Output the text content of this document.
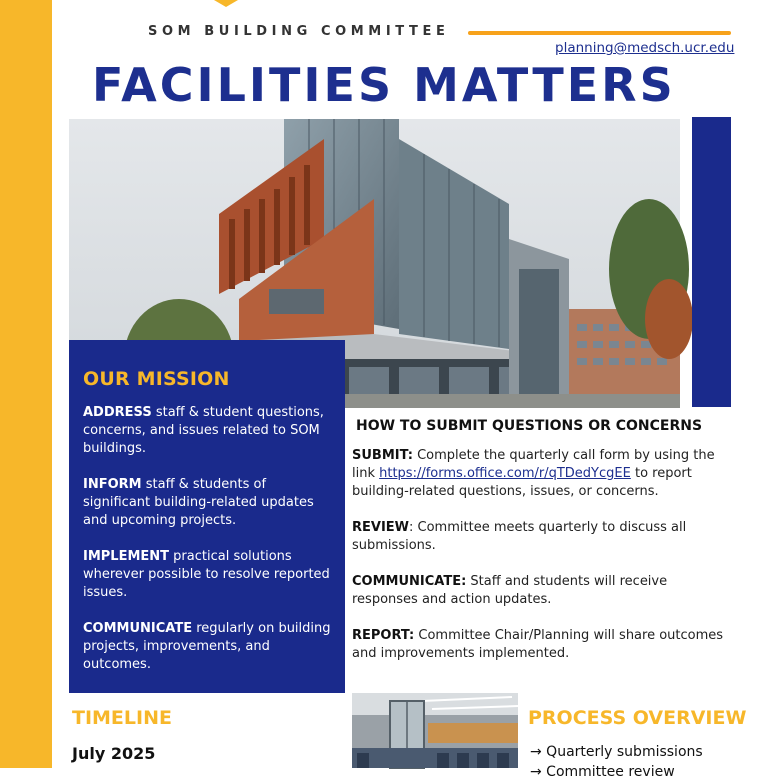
SOM BUILDING COMMITTEE
planning@medsch.ucr.edu
FACILITIES MATTERS
OUR MISSION

ADDRESS staff & student questions, concerns, and issues related to SOM buildings.

INFORM staff & students of significant building-related updates and upcoming projects.

IMPLEMENT practical solutions wherever possible to resolve reported issues.

COMMUNICATE regularly on building projects, improvements, and outcomes.

HOW TO SUBMIT QUESTIONS OR CONCERNS

SUBMIT: Complete the quarterly call form by using the link https://forms.office.com/r/qTDedYcgEE to report building-related questions, issues, or concerns.

REVIEW: Committee meets quarterly to discuss all submissions.

COMMUNICATE: Staff and students will receive responses and action updates.

REPORT: Committee Chair/Planning will share outcomes and improvements implemented.

TIMELINE
July 2025
PROCESS OVERVIEW
→ Quarterly submissions
→ Committee review
